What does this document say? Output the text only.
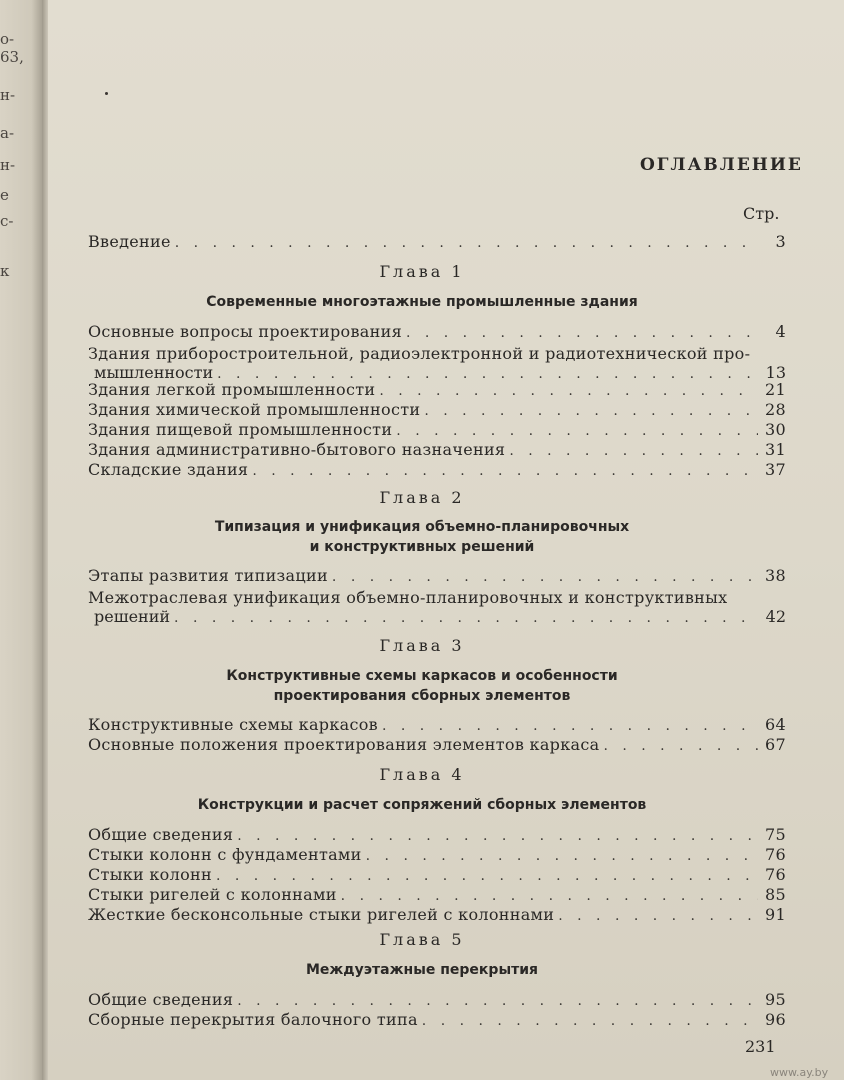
о-
63,
н-
а-
н-
е
с-
к
ОГЛАВЛЕНИЕ
Стр.
Введение . . .	3
Глава 1
Современные многоэтажные промышленные здания
Основные вопросы проектирования . . .	4
Здания приборостроительной, радиоэлектронной и радиотехнической про-
мышленности . . .	13
Здания легкой промышленности . . .	21
Здания химической промышленности . . .	28
Здания пищевой промышленности . . .	30
Здания административно-бытового назначения . . .	31
Складские здания . . .	37
Глава 2
Типизация и унификация объемно-планировочных
и конструктивных решений
Этапы развития типизации . . .	38
Межотраслевая унификация объемно-планировочных и конструктивных
решений . . .	42
Глава 3
Конструктивные схемы каркасов и особенности
проектирования сборных элементов
Конструктивные схемы каркасов . . .	64
Основные положения проектирования элементов каркаса . . .	67
Глава 4
Конструкции и расчет сопряжений сборных элементов
Общие сведения . . .	75
Стыки колонн с фундаментами . . .	76
Стыки колонн . . .	76
Стыки ригелей с колоннами . . .	85
Жесткие бесконсольные стыки ригелей с колоннами . . .	91
Глава 5
Междуэтажные перекрытия
Общие сведения . . .	95
Сборные перекрытия балочного типа . . .	96
231
www.ay.by
